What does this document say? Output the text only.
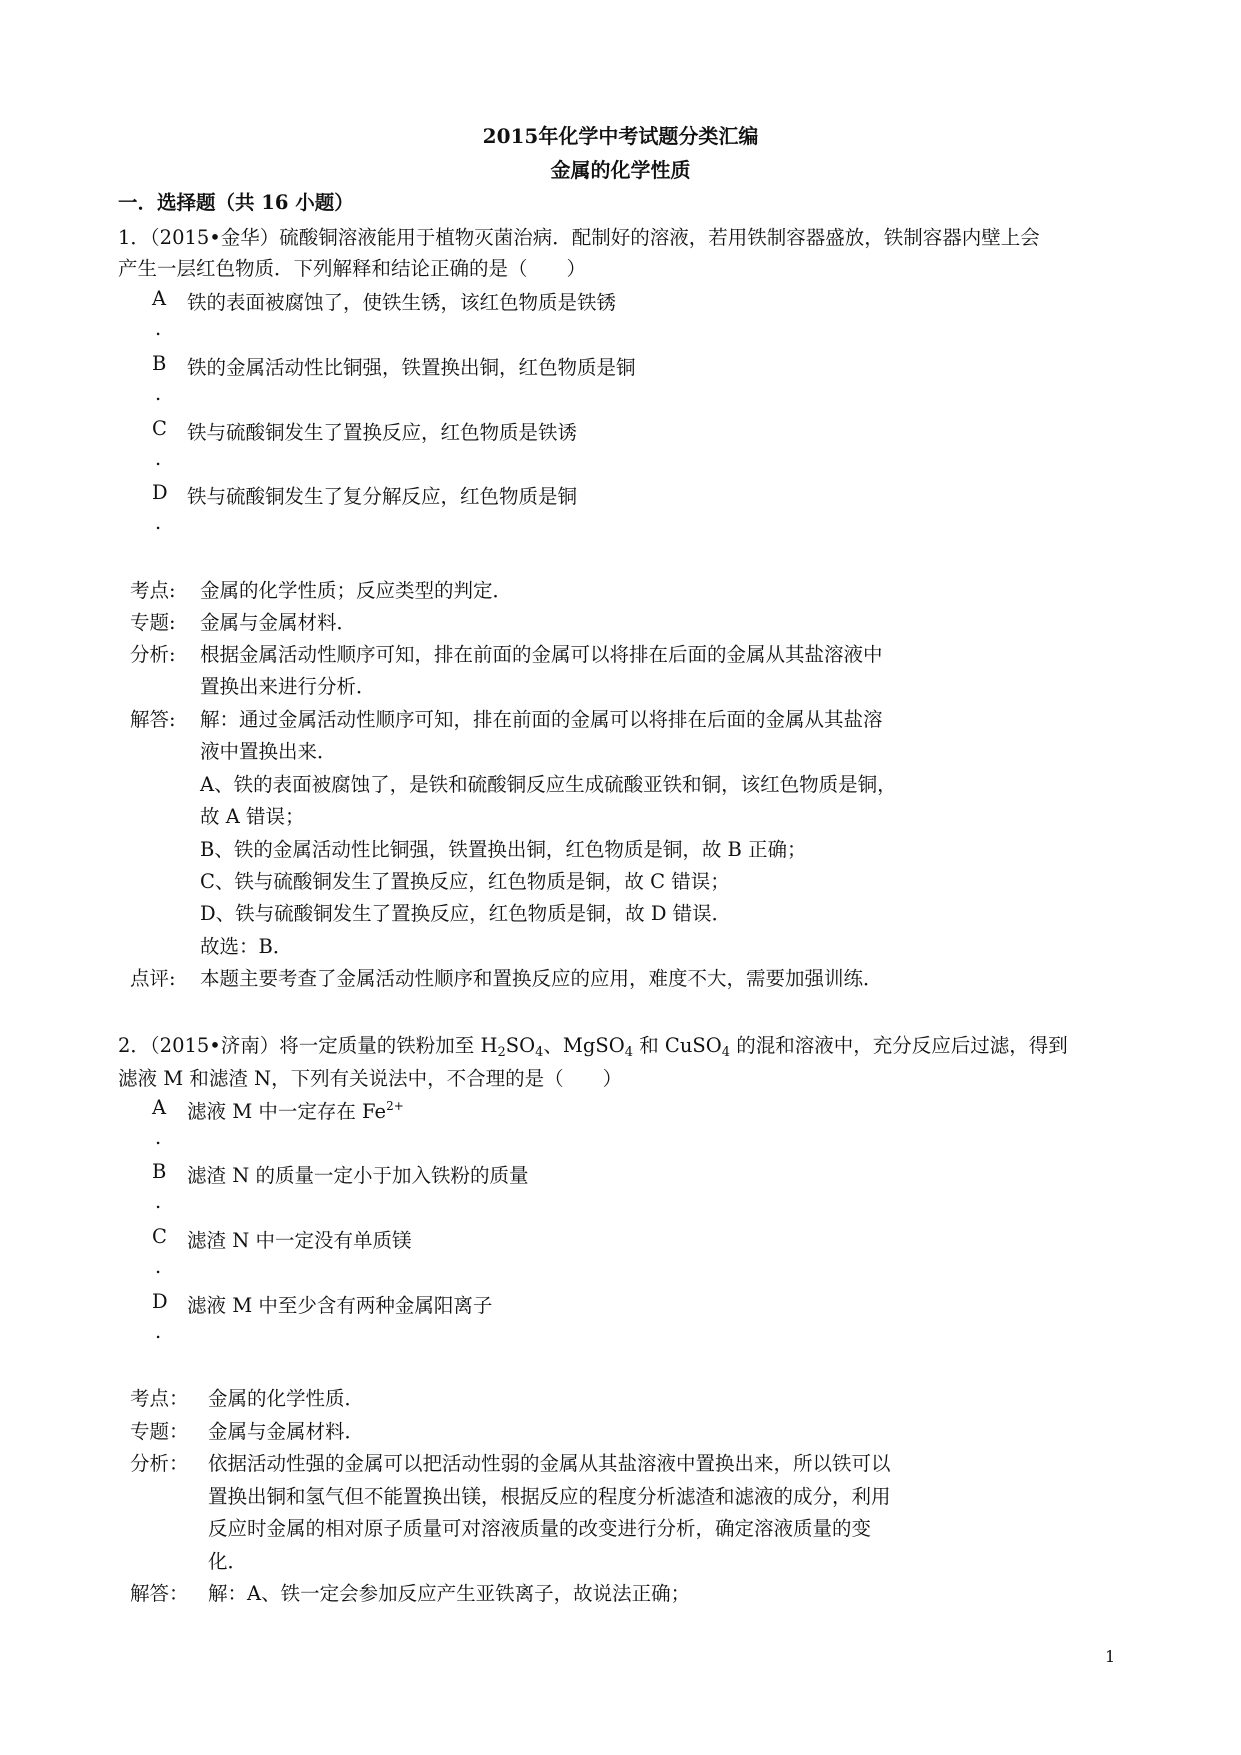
2015年化学中考试题分类汇编
金属的化学性质
一．选择题（共 16 小题）
1．（2015•金华）硫酸铜溶液能用于植物灭菌治病．配制好的溶液，若用铁制容器盛放，铁制容器内壁上会
产生一层红色物质．下列解释和结论正确的是（　　）
A	铁的表面被腐蚀了，使铁生锈，该红色物质是铁锈
.
B 铁的金属活动性比铜强，铁置换出铜，红色物质是铜
.
C 铁与硫酸铜发生了置换反应，红色物质是铁诱
.
D 铁与硫酸铜发生了复分解反应，红色物质是铜
.
考点: 金属的化学性质；反应类型的判定．
专题: 金属与金属材料．
分析: 根据金属活动性顺序可知，排在前面的金属可以将排在后面的金属从其盐溶液中
置换出来进行分析．
解答: 解：通过金属活动性顺序可知，排在前面的金属可以将排在后面的金属从其盐溶
液中置换出来．
A、铁的表面被腐蚀了，是铁和硫酸铜反应生成硫酸亚铁和铜，该红色物质是铜，
故 A 错误；
B、铁的金属活动性比铜强，铁置换出铜，红色物质是铜，故 B 正确；
C、铁与硫酸铜发生了置换反应，红色物质是铜，故 C 错误；
D、铁与硫酸铜发生了置换反应，红色物质是铜，故 D 错误．
故选：B．
点评: 本题主要考查了金属活动性顺序和置换反应的应用，难度不大，需要加强训练．
2．（2015•济南）将一定质量的铁粉加至 $H_2SO_4$、MgSO$_4$ 和 CuSO$_4$ 的混和溶液中，充分反应后过滤，得到
滤液 M 和滤渣 N，下列有关说法中，不合理的是（　　）
A	滤液 M 中一定存在 $Fe^{2+}$
.
B 滤渣 N 的质量一定小于加入铁粉的质量
.
C 滤渣 N 中一定没有单质镁
.
D 滤液 M 中至少含有两种金属阳离子
.
考点： 金属的化学性质．
专题： 金属与金属材料．
分析： 依据活动性强的金属可以把活动性弱的金属从其盐溶液中置换出来，所以铁可以
置换出铜和氢气但不能置换出镁，根据反应的程度分析滤渣和滤液的成分，利用
反应时金属的相对原子质量可对溶液质量的改变进行分析，确定溶液质量的变
化．
解答： 解：A、铁一定会参加反应产生亚铁离子，故说法正确；
1
